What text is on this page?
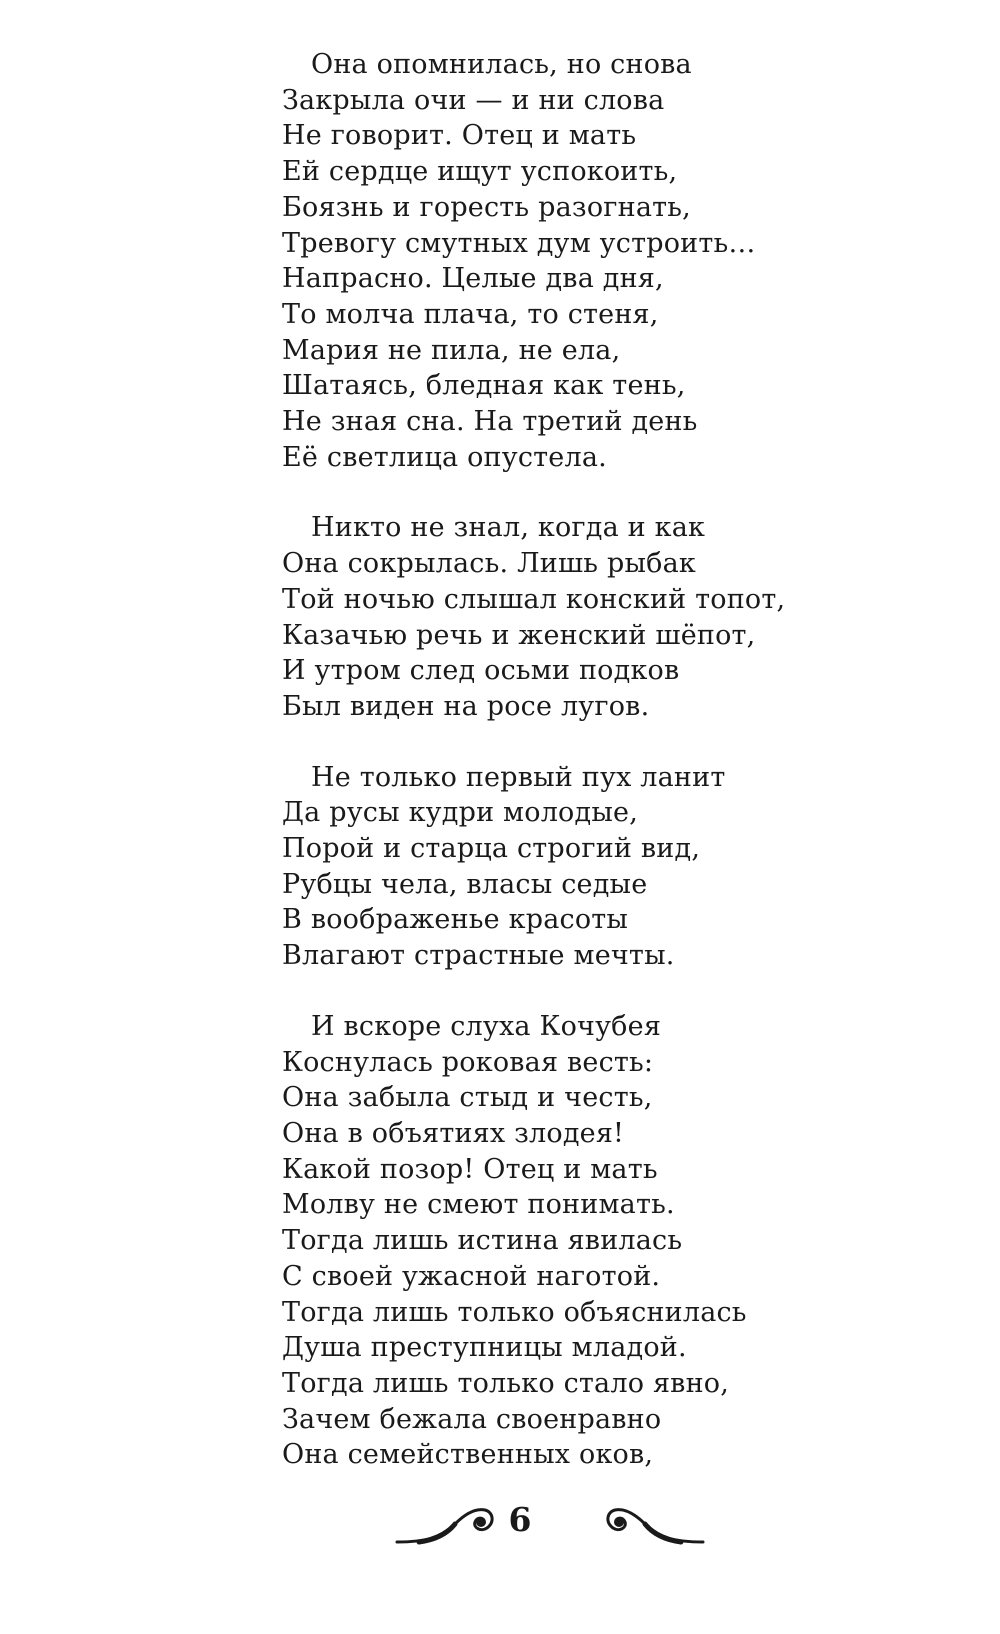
Она опомнилась, но снова
Закрыла очи — и ни слова
Не говорит. Отец и мать
Ей сердце ищут успокоить,
Боязнь и горесть разогнать,
Тревогу смутных дум устроить…
Напрасно. Целые два дня,
То молча плача, то стеня,
Мария не пила, не ела,
Шатаясь, бледная как тень,
Не зная сна. На третий день
Её светлица опустела.
Никто не знал, когда и как
Она сокрылась. Лишь рыбак
Той ночью слышал конский топот,
Казачью речь и женский шёпот,
И утром след осьми подков
Был виден на росе лугов.
Не только первый пух ланит
Да русы кудри молодые,
Порой и старца строгий вид,
Рубцы чела, власы седые
В воображенье красоты
Влагают страстные мечты.
И вскоре слуха Кочубея
Коснулась роковая весть:
Она забыла стыд и честь,
Она в объятиях злодея!
Какой позор! Отец и мать
Молву не смеют понимать.
Тогда лишь истина явилась
С своей ужасной наготой.
Тогда лишь только объяснилась
Душа преступницы младой.
Тогда лишь только стало явно,
Зачем бежала своенравно
Она семейственных оков,
6
